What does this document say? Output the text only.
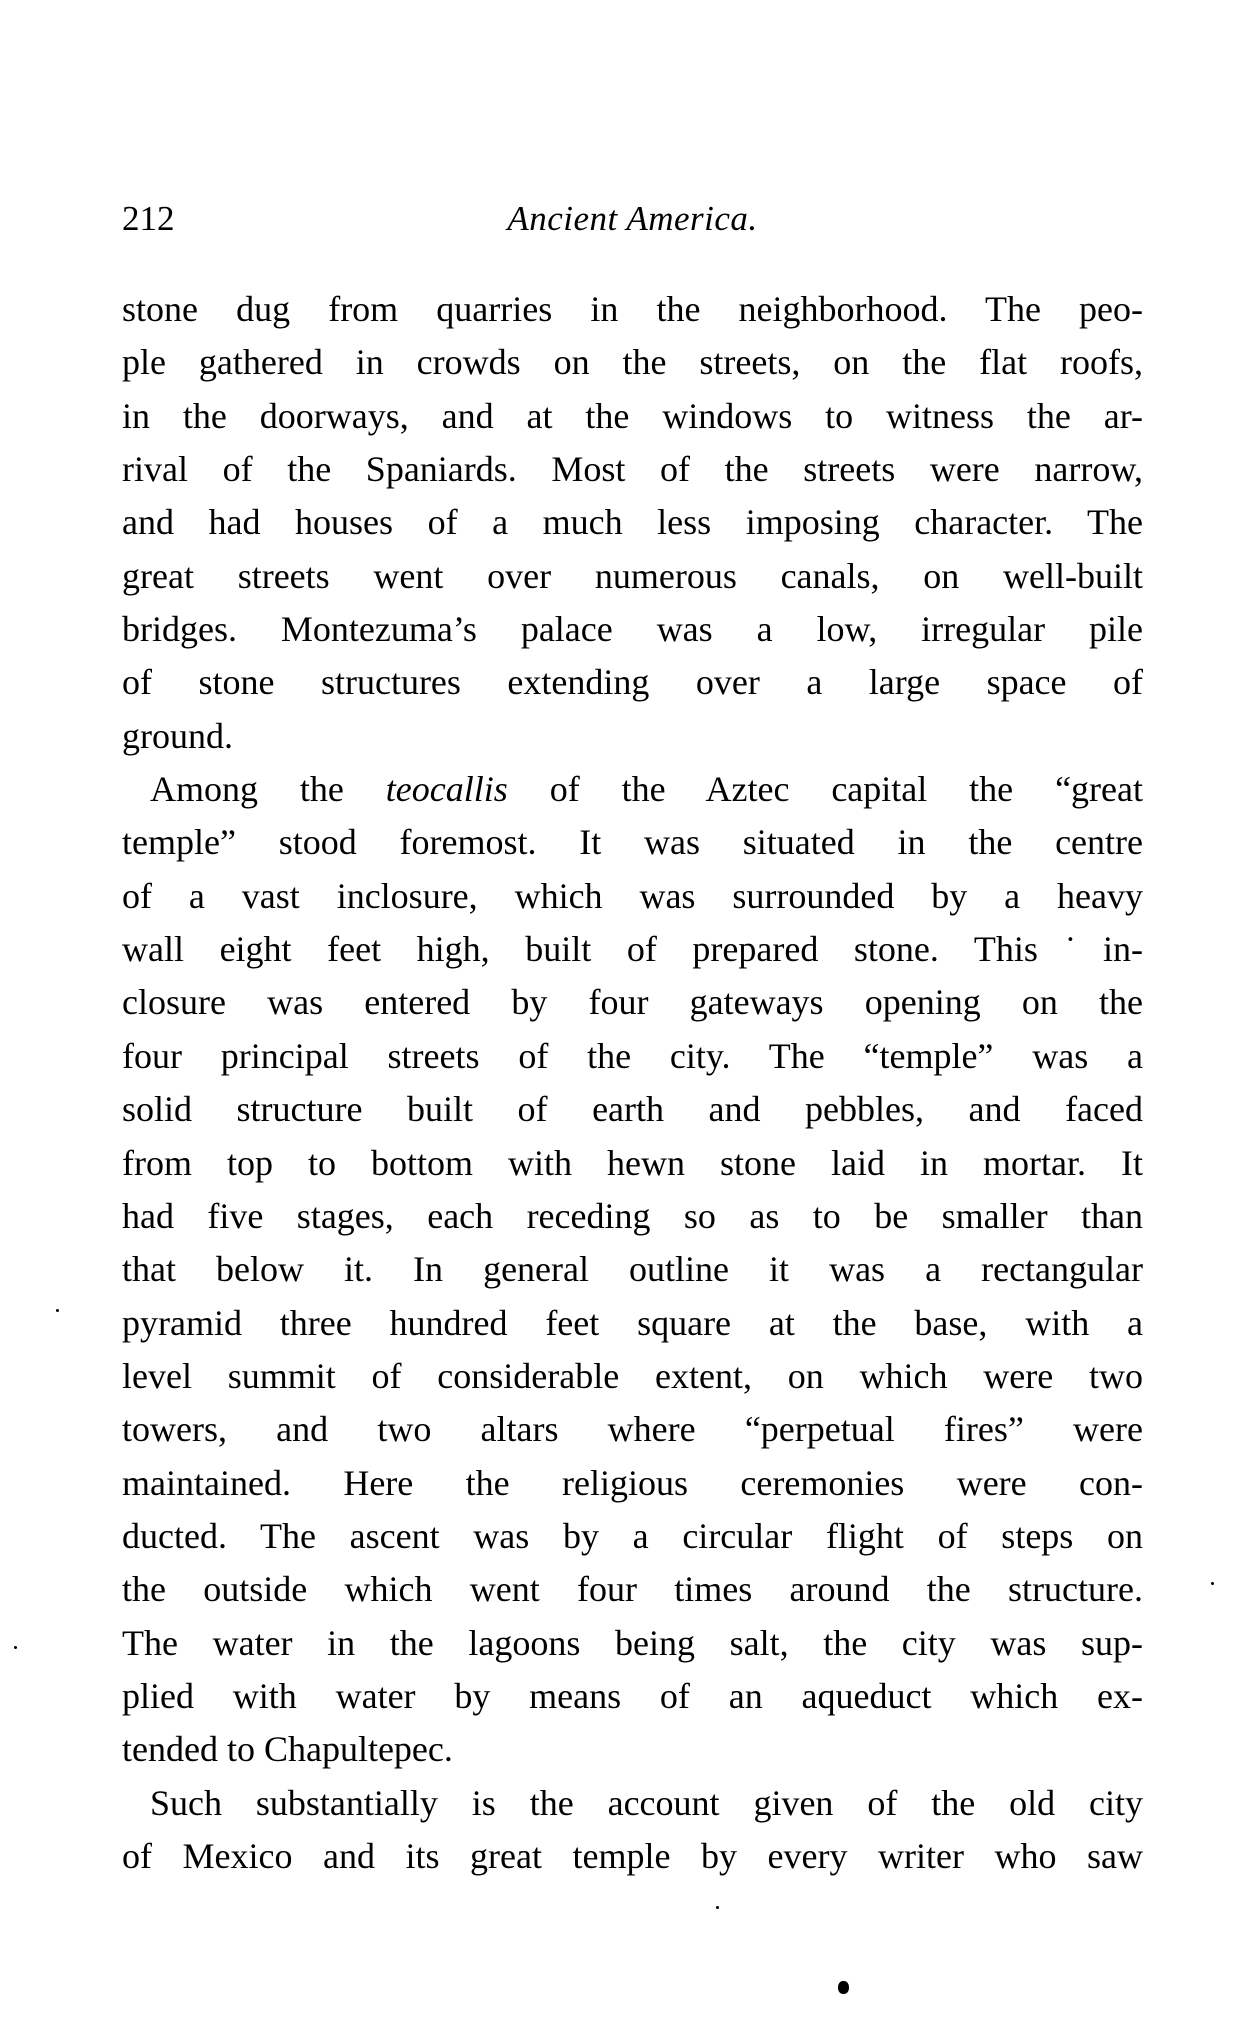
212	Ancient America.
stone dug from quarries in the neighborhood. The peo-
ple gathered in crowds on the streets, on the flat roofs,
in the doorways, and at the windows to witness the ar-
rival of the Spaniards. Most of the streets were narrow,
and had houses of a much less imposing character. The
great streets went over numerous canals, on well-built
bridges. Montezuma’s palace was a low, irregular pile
of stone structures extending over a large space of
ground.
Among the teocallis of the Aztec capital the “great
temple” stood foremost. It was situated in the centre
of a vast inclosure, which was surrounded by a heavy
wall eight feet high, built of prepared stone. This˙in-
closure was entered by four gateways opening on the
four principal streets of the city. The “temple” was a
solid structure built of earth and pebbles, and faced
from top to bottom with hewn stone laid in mortar. It
had five stages, each receding so as to be smaller than
that below it. In general outline it was a rectangular
pyramid three hundred feet square at the base, with a
level summit of considerable extent, on which were two
towers, and two altars where “perpetual fires” were
maintained. Here the religious ceremonies were con-
ducted. The ascent was by a circular flight of steps on
the outside which went four times around the structure.
The water in the lagoons being salt, the city was sup-
plied with water by means of an aqueduct which ex-
tended to Chapultepec.
Such substantially is the account given of the old city
of Mexico and its great temple by every writer who saw
